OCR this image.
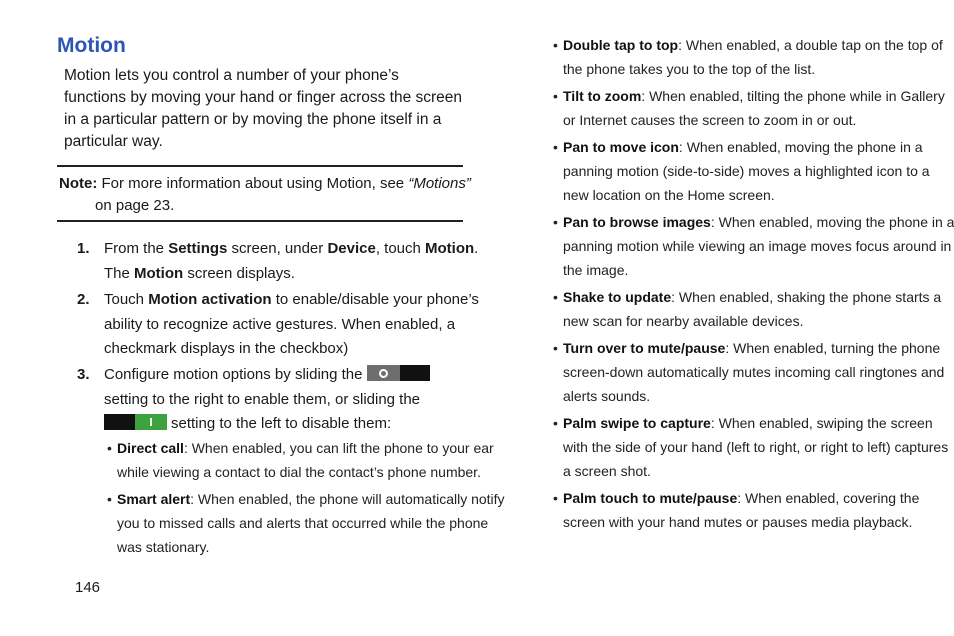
Motion
Motion lets you control a number of your phone’s functions by moving your hand or finger across the screen in a particular pattern or by moving the phone itself in a particular way.
Note: For more information about using Motion, see “Motions”
on page 23.
1. From the Settings screen, under Device, touch Motion.
The Motion screen displays.
2. Touch Motion activation to enable/disable your phone’s
ability to recognize active gestures. When enabled, a
checkmark displays in the checkbox)
3. Configure motion options by sliding the
setting to the right to enable them, or sliding the
setting to the left to disable them:
• Direct call: When enabled, you can lift the phone to your ear
while viewing a contact to dial the contact’s phone number.
• Smart alert: When enabled, the phone will automatically notify
you to missed calls and alerts that occurred while the phone
was stationary.
• Double tap to top: When enabled, a double tap on the top of
the phone takes you to the top of the list.
• Tilt to zoom: When enabled, tilting the phone while in Gallery
or Internet causes the screen to zoom in or out.
• Pan to move icon: When enabled, moving the phone in a
panning motion (side-to-side) moves a highlighted icon to a
new location on the Home screen.
• Pan to browse images: When enabled, moving the phone in a
panning motion while viewing an image moves focus around in
the image.
• Shake to update: When enabled, shaking the phone starts a
new scan for nearby available devices.
• Turn over to mute/pause: When enabled, turning the phone
screen-down automatically mutes incoming call ringtones and
alerts sounds.
• Palm swipe to capture: When enabled, swiping the screen
with the side of your hand (left to right, or right to left) captures
a screen shot.
• Palm touch to mute/pause: When enabled, covering the
screen with your hand mutes or pauses media playback.
146
